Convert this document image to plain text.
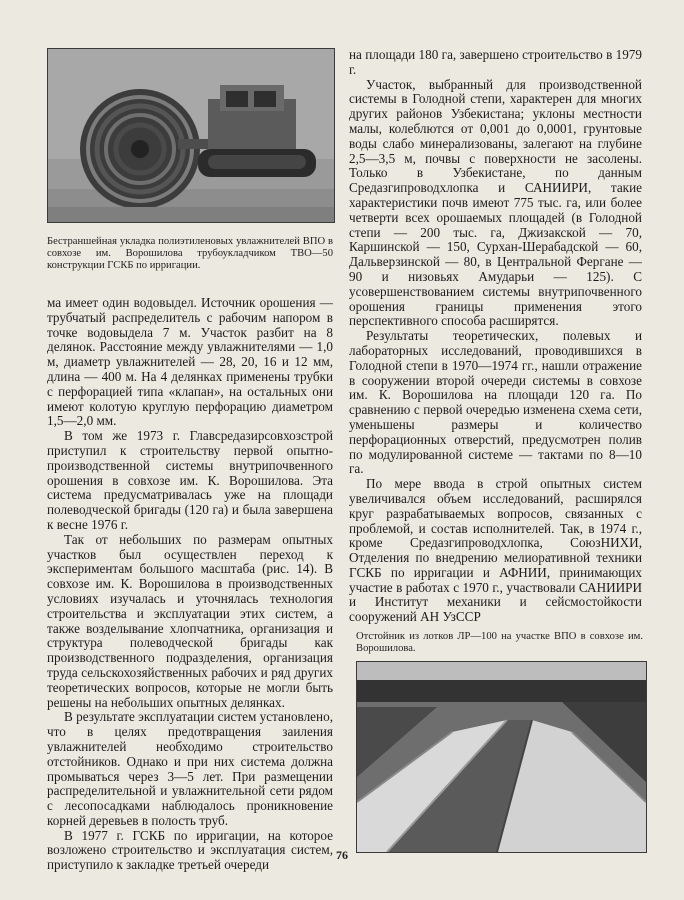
Бестраншейная укладка полиэтиленовых увлажнителей ВПО в совхозе им. Ворошилова трубоукладчиком ТВО—50 конструкции ГСКБ по ирригации.

ма имеет один водовыдел. Источник орошения — трубчатый распределитель с рабочим напором в точке водовыдела 7 м. Участок разбит на 8 делянок. Расстояние между увлажнителями — 1,0 м, диаметр увлажнителей — 28, 20, 16 и 12 мм, длина — 400 м. На 4 делянках применены трубки с перфорацией типа «клапан», на остальных они имеют колотую круглую перфорацию диаметром 1,5—2,0 мм.

В том же 1973 г. Главсредазирсовхозстрой приступил к строительству первой опытно-производственной системы внутрипочвенного орошения в совхозе им. К. Ворошилова. Эта система предусматривалась уже на площади полеводческой бригады (120 га) и была завершена к весне 1976 г.

Так от небольших по размерам опытных участков был осуществлен переход к экспериментам большого масштаба (рис. 14). В совхозе им. К. Ворошилова в производственных условиях изучалась и уточнялась технология строительства и эксплуатации этих систем, а также возделывание хлопчатника, организация и структура полеводческой бригады как производственного подразделения, организация труда сельскохозяйственных рабочих и ряд других теоретических вопросов, которые не могли быть решены на небольших опытных делянках.

В результате эксплуатации систем установлено, что в целях предотвращения заиления увлажнителей необходимо строительство отстойников. Однако и при них система должна промываться через 3—5 лет. При размещении распределительной и увлажнительной сети рядом с лесопосадками наблюдалось проникновение корней деревьев в полость труб.

В 1977 г. ГСКБ по ирригации, на которое возложено строительство и эксплуатация систем, приступило к закладке третьей очереди

на площади 180 га, завершено строительство в 1979 г.

Участок, выбранный для производственной системы в Голодной степи, характерен для многих других районов Узбекистана; уклоны местности малы, колеблются от 0,001 до 0,0001, грунтовые воды слабо минерализованы, залегают на глубине 2,5—3,5 м, почвы с поверхности не засолены. Только в Узбекистане, по данным Средазгипроводхлопка и САНИИРИ, такие характеристики почв имеют 775 тыс. га, или более четверти всех орошаемых площадей (в Голодной степи — 200 тыс. га, Джизакской — 70, Каршинской — 150, Сурхан-Шерабадской — 60, Дальверзинской — 80, в Центральной Фергане — 90 и низовьях Амударьи — 125). С усовершенствованием системы внутрипочвенного орошения границы применения этого перспективного способа расширятся.

Результаты теоретических, полевых и лабораторных исследований, проводившихся в Голодной степи в 1970—1974 гг., нашли отражение в сооружении второй очереди системы в совхозе им. К. Ворошилова на площади 120 га. По сравнению с первой очередью изменена схема сети, уменьшены размеры и количество перфорационных отверстий, предусмотрен полив по модулированной системе — тактами по 8—10 га.

По мере ввода в строй опытных систем увеличивался объем исследований, расширялся круг разрабатываемых вопросов, связанных с проблемой, и состав исполнителей. Так, в 1974 г., кроме Средазгипроводхлопка, СоюзНИХИ, Отделения по внедрению мелиоративной техники ГСКБ по ирригации и АФНИИ, принимающих участие в работах с 1970 г., участвовали САНИИРИ и Институт механики и сейсмостойкости сооружений АН УзССР

Отстойник из лотков ЛР—100 на участке ВПО в совхозе им. Ворошилова.

76
